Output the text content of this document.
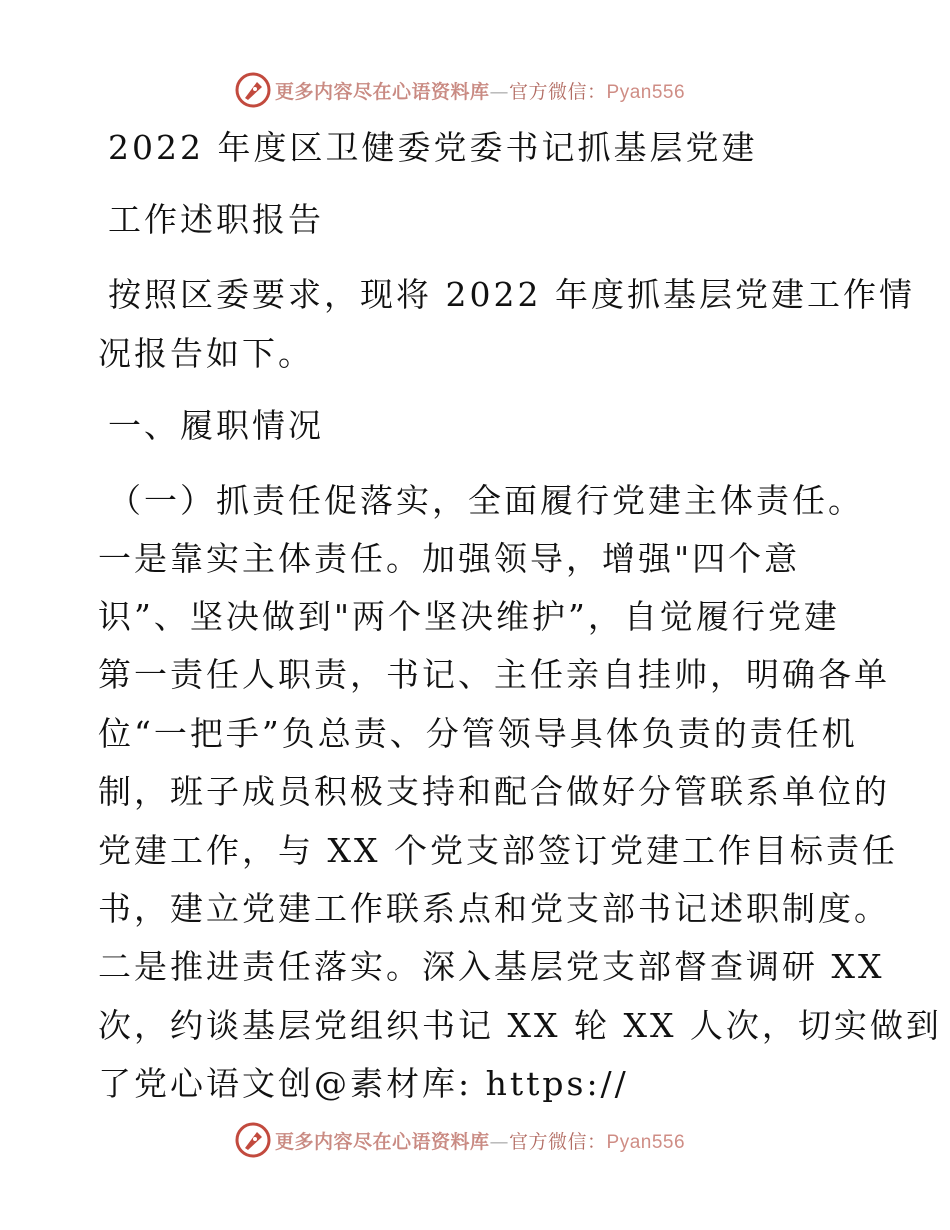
更多内容尽在心语资料库—官方微信：Pyan556
2022 年度区卫健委党委书记抓基层党建
工作述职报告
按照区委要求，现将 2022 年度抓基层党建工作情
况报告如下。
一、履职情况
（一）抓责任促落实，全面履行党建主体责任。
一是靠实主体责任。加强领导，增强"四个意
识”、坚决做到"两个坚决维护”，自觉履行党建
第一责任人职责，书记、主任亲自挂帅，明确各单
位“一把手”负总责、分管领导具体负责的责任机
制，班子成员积极支持和配合做好分管联系单位的
党建工作，与 XX 个党支部签订党建工作目标责任
书，建立党建工作联系点和党支部书记述职制度。
二是推进责任落实。深入基层党支部督查调研 XX
次，约谈基层党组织书记 XX 轮 XX 人次，切实做到
了党心语文创@素材库: https://
更多内容尽在心语资料库—官方微信：Pyan556
